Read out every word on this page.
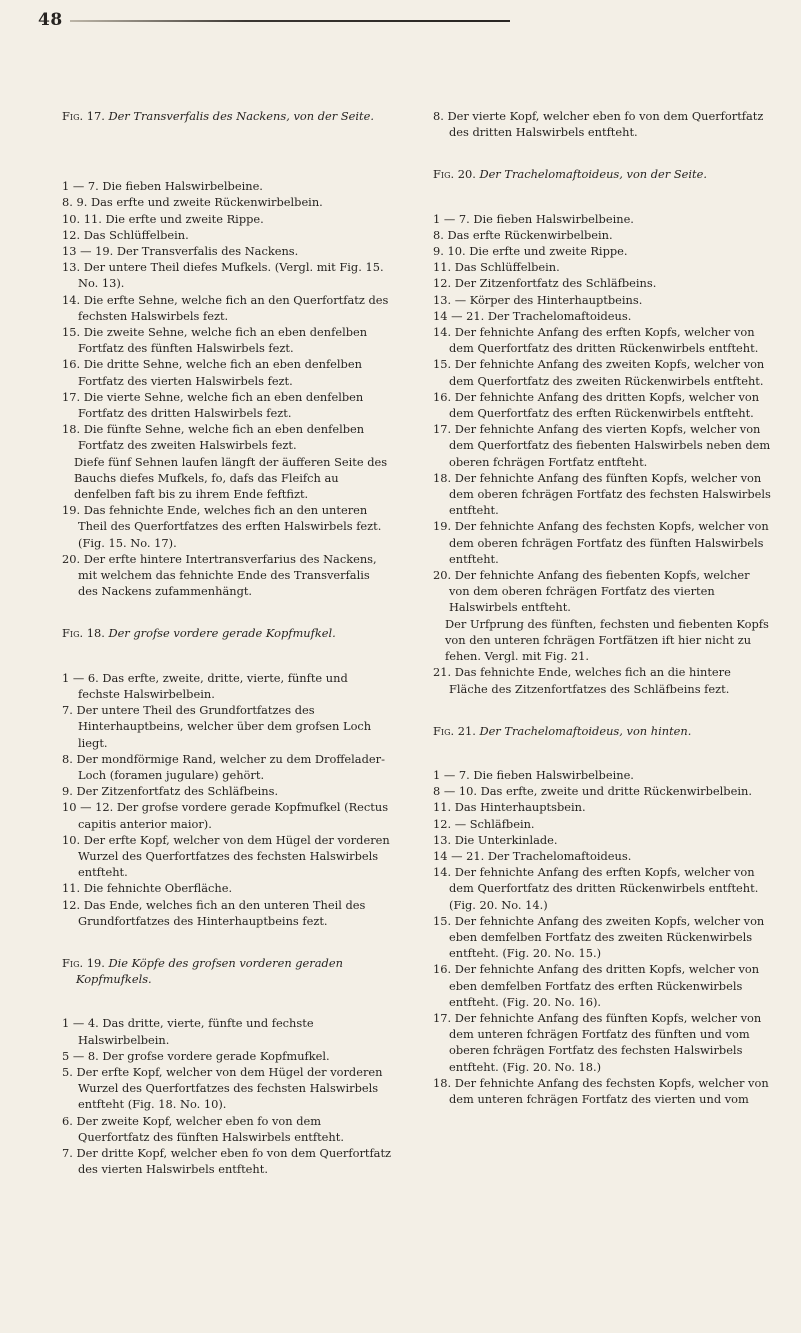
48

Fig. 17. Der Transverfalis des Nackens, von der Seite.

1 — 7. Die fieben Halswirbelbeine.

8. 9. Das erfte und zweite Rückenwirbelbein.

10. 11. Die erfte und zweite Rippe.

12. Das Schlüffelbein.

13 — 19. Der Transverfalis des Nackens.

13. Der untere Theil diefes Mufkels. (Vergl. mit Fig. 15. No. 13).

14. Die erfte Sehne, welche fich an den Querfortfatz des fechsten Halswirbels fezt.

15. Die zweite Sehne, welche fich an eben denfelben Fortfatz des fünften Halswirbels fezt.

16. Die dritte Sehne, welche fich an eben denfelben Fortfatz des vierten Halswirbels fezt.

17. Die vierte Sehne, welche fich an eben denfelben Fortfatz des dritten Halswirbels fezt.

18. Die fünfte Sehne, welche fich an eben denfelben Fortfatz des zweiten Halswirbels fezt.

Diefe fünf Sehnen laufen längft der äufferen Seite des Bauchs diefes Mufkels, fo, dafs das Fleifch au denfelben faft bis zu ihrem Ende feftfizt.

19. Das fehnichte Ende, welches fich an den unteren Theil des Querfortfatzes des erften Halswirbels fezt. (Fig. 15. No. 17).

20. Der erfte hintere Intertransverfarius des Nackens, mit welchem das fehnichte Ende des Transverfalis des Nackens zufammenhängt.

Fig. 18. Der grofse vordere gerade Kopfmufkel.

1 — 6. Das erfte, zweite, dritte, vierte, fünfte und fechste Halswirbelbein.

7. Der untere Theil des Grundfortfatzes des Hinterhauptbeins, welcher über dem grofsen Loch liegt.

8. Der mondförmige Rand, welcher zu dem Droffelader-Loch (foramen jugulare) gehört.

9. Der Zitzenfortfatz des Schläfbeins.

10 — 12. Der grofse vordere gerade Kopfmufkel (Rectus capitis anterior maior).

10. Der erfte Kopf, welcher von dem Hügel der vorderen Wurzel des Querfortfatzes des fechsten Halswirbels entfteht.

11. Die fehnichte Oberfläche.

12. Das Ende, welches fich an den unteren Theil des Grundfortfatzes des Hinterhauptbeins fezt.

Fig. 19. Die Köpfe des grofsen vorderen geraden Kopfmufkels.

1 — 4. Das dritte, vierte, fünfte und fechste Halswirbelbein.

5 — 8. Der grofse vordere gerade Kopfmufkel.

5. Der erfte Kopf, welcher von dem Hügel der vorderen Wurzel des Querfortfatzes des fechsten Halswirbels entfteht (Fig. 18. No. 10).

6. Der zweite Kopf, welcher eben fo von dem Querfortfatz des fünften Halswirbels entfteht.

7. Der dritte Kopf, welcher eben fo von dem Querfortfatz des vierten Halswirbels entfteht.

8. Der vierte Kopf, welcher eben fo von dem Querfortfatz des dritten Halswirbels entfteht.

Fig. 20. Der Trachelomaftoideus, von der Seite.

1 — 7. Die fieben Halswirbelbeine.

8. Das erfte Rückenwirbelbein.

9. 10. Die erfte und zweite Rippe.

11. Das Schlüffelbein.

12. Der Zitzenfortfatz des Schläfbeins.

13. — Körper des Hinterhauptbeins.

14 — 21. Der Trachelomaftoideus.

14. Der fehnichte Anfang des erften Kopfs, welcher von dem Querfortfatz des dritten Rückenwirbels entfteht.

15. Der fehnichte Anfang des zweiten Kopfs, welcher von dem Querfortfatz des zweiten Rückenwirbels entfteht.

16. Der fehnichte Anfang des dritten Kopfs, welcher von dem Querfortfatz des erften Rückenwirbels entfteht.

17. Der fehnichte Anfang des vierten Kopfs, welcher von dem Querfortfatz des fiebenten Halswirbels neben dem oberen fchrägen Fortfatz entfteht.

18. Der fehnichte Anfang des fünften Kopfs, welcher von dem oberen fchrägen Fortfatz des fechsten Halswirbels entfteht.

19. Der fehnichte Anfang des fechsten Kopfs, welcher von dem oberen fchrägen Fortfatz des fünften Halswirbels entfteht.

20. Der fehnichte Anfang des fiebenten Kopfs, welcher von dem oberen fchrägen Fortfatz des vierten Halswirbels entfteht.

Der Urfprung des fünften, fechsten und fiebenten Kopfs von den unteren fchrägen Fortfätzen ift hier nicht zu fehen. Vergl. mit Fig. 21.

21. Das fehnichte Ende, welches fich an die hintere Fläche des Zitzenfortfatzes des Schläfbeins fezt.

Fig. 21. Der Trachelomaftoideus, von hinten.

1 — 7. Die fieben Halswirbelbeine.

8 — 10. Das erfte, zweite und dritte Rückenwirbelbein.

11. Das Hinterhauptsbein.

12. — Schläfbein.

13. Die Unterkinlade.

14 — 21. Der Trachelomaftoideus.

14. Der fehnichte Anfang des erften Kopfs, welcher von dem Querfortfatz des dritten Rückenwirbels entfteht. (Fig. 20. No. 14.)

15. Der fehnichte Anfang des zweiten Kopfs, welcher von eben demfelben Fortfatz des zweiten Rückenwirbels entfteht. (Fig. 20. No. 15.)

16. Der fehnichte Anfang des dritten Kopfs, welcher von eben demfelben Fortfatz des erften Rückenwirbels entfteht. (Fig. 20. No. 16).

17. Der fehnichte Anfang des fünften Kopfs, welcher von dem unteren fchrägen Fortfatz des fünften und vom oberen fchrägen Fortfatz des fechsten Halswirbels entfteht. (Fig. 20. No. 18.)

18. Der fehnichte Anfang des fechsten Kopfs, welcher von dem unteren fchrägen Fortfatz des vierten und vom
